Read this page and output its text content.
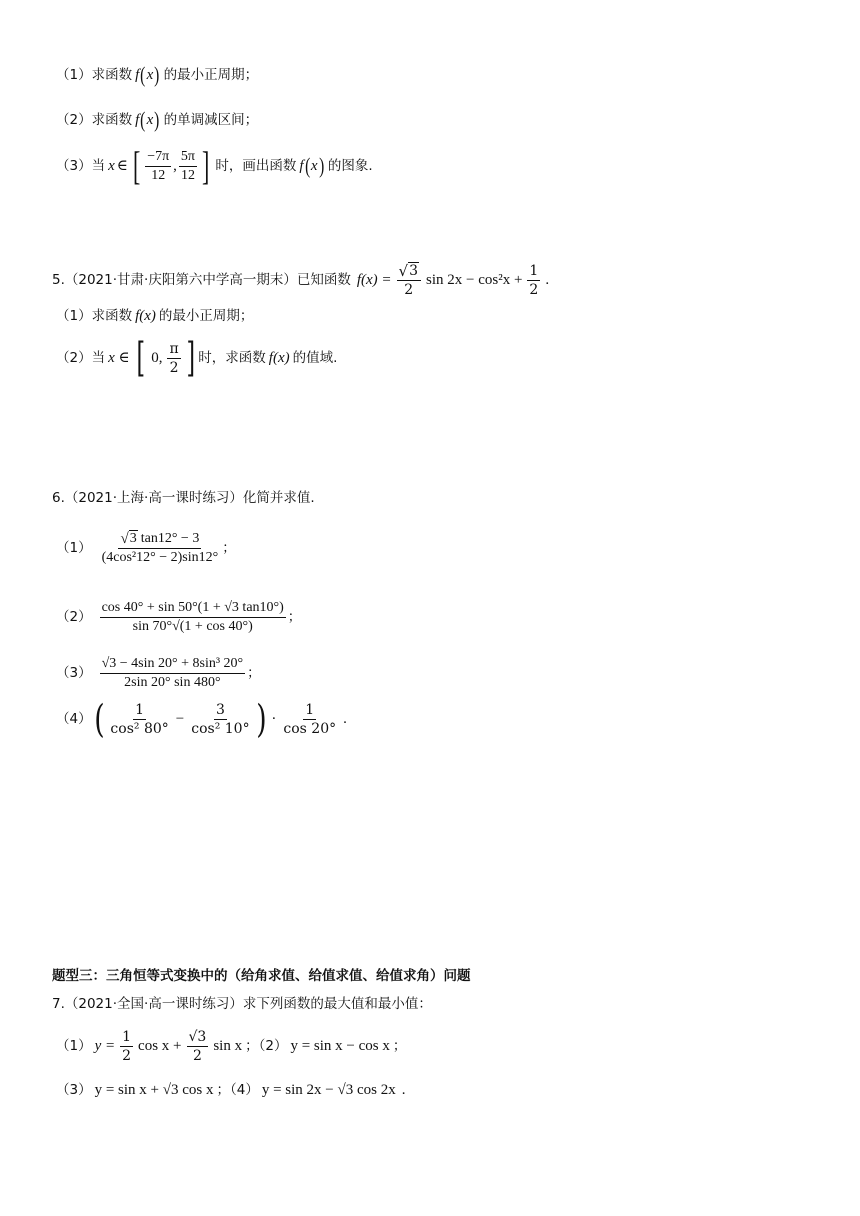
（1）求函数 f ( x ) 的最小正周期；
（2）求函数 f ( x ) 的单调减区间；
（3）当 x ∈ [ $\frac{-7\pi}{12}$ , $\frac{5\pi}{12}$ ] 时，画出函数 f ( x ) 的图象.
5.（2021·甘肃·庆阳第六中学高一期末）已知函数 $f(x) = \frac{√ 3}{2}$ $\sin 2x - \cos^2x + \frac{1}{2}$ .
（1）求函数 f(x) 的最小正周期；
（2）当 x ∈ [ 0, $\frac{\pi}{2}$ ] 时，求函数 f(x) 的值域.
6.（2021·上海·高一课时练习）化简并求值.
$(1) \frac{√ 3 \tan 12^\circ - 3}{\text{(4cos²12° − 2)sin12°}}$ ；
$(2) \frac{\cos 40^\circ + \sin 50^\circ(1 + √3 \tan 10^\circ)}{\sin 70^\circ√(1 + \cos 40^\circ)}$ ；
$(3) \frac{\text{√3 − 4sin 20° + 8sin³ 20°}}{2\sin 20^\circ \sin 480^\circ}$ ；
（4） ( $\frac{1}{\text{cos² 80°}} - \frac{3}{\text{cos² 10°}}$ ) · $\frac{1}{\cos 20^\circ}$ .
题型三：三角恒等式变换中的（给角求值、给值求值、给值求角）问题
7.（2021·全国·高一课时练习）求下列函数的最大值和最小值：
（1） $y = \frac{1}{2}$ $\cos x + \frac{√3}{2}$ sin x ；（2） y = sin x − cos x ；
（3） y = sin x + √3 cos x ；（4） y = sin 2x − √3 cos 2x .
